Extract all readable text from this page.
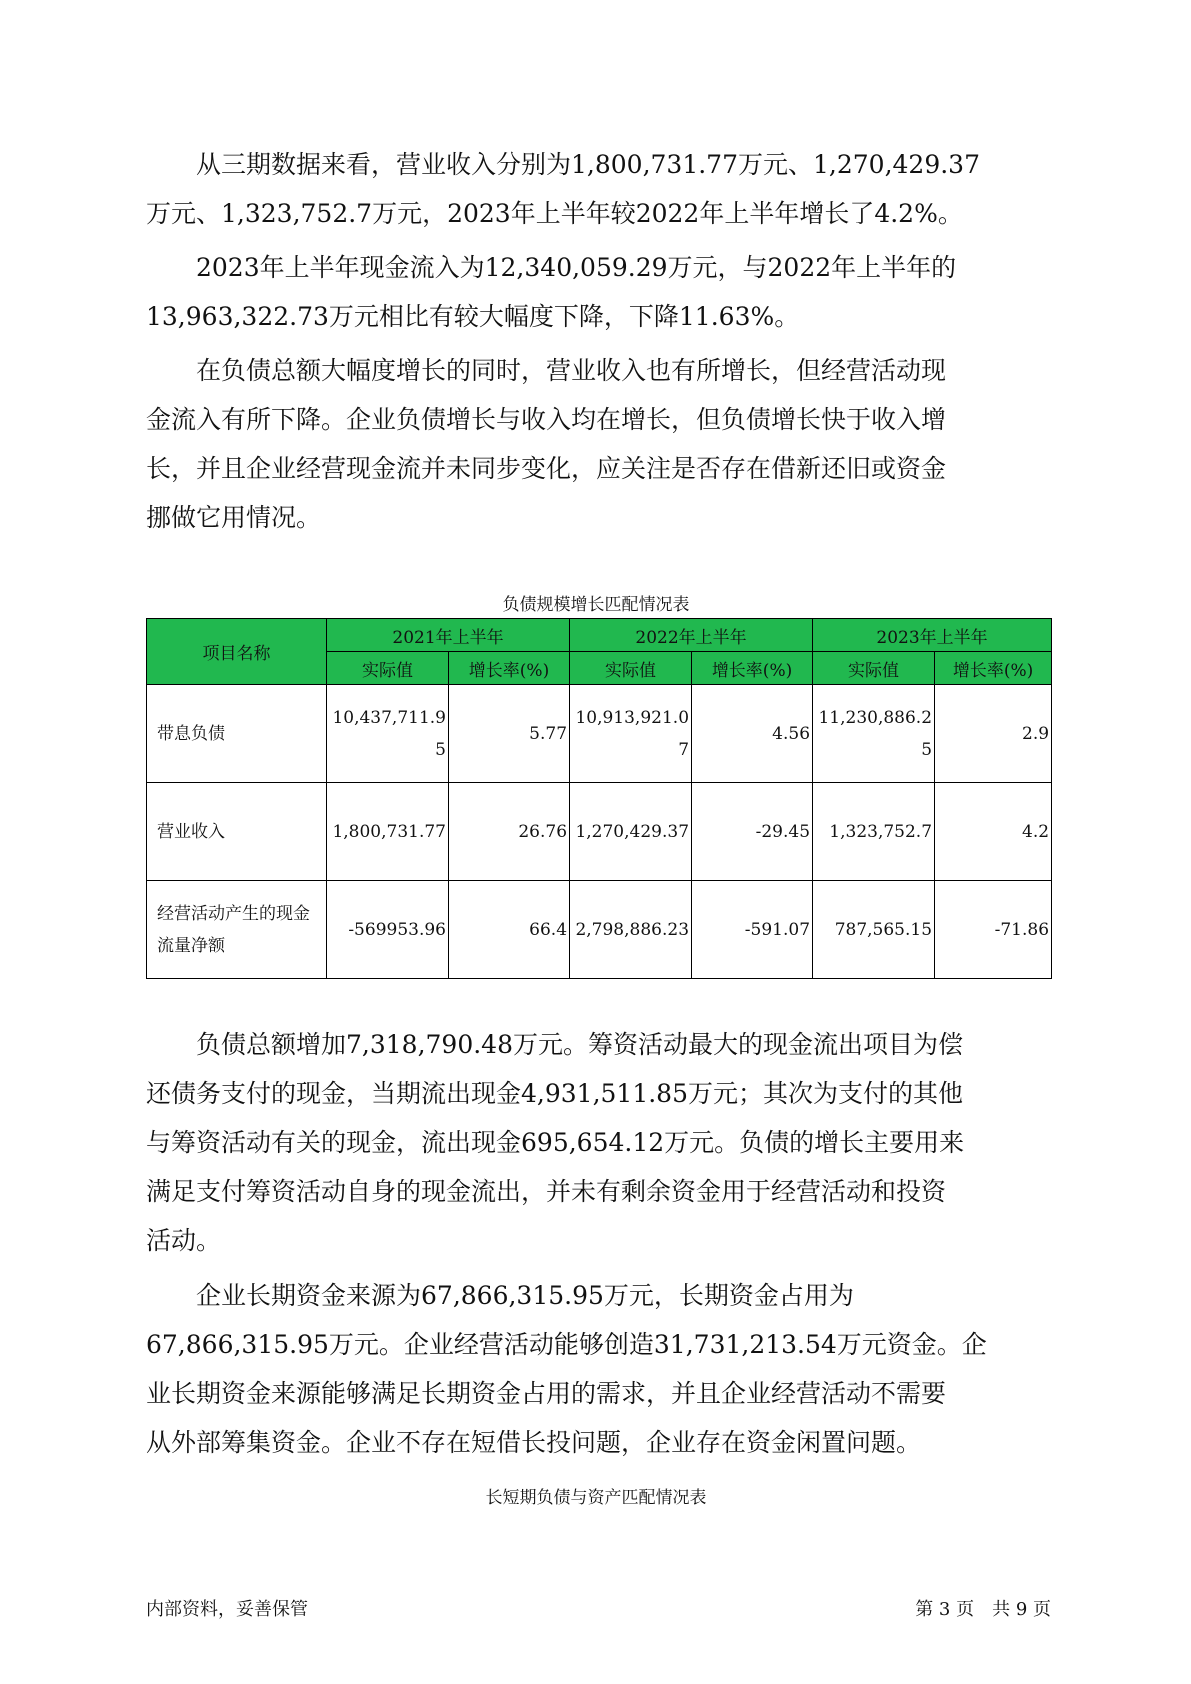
　　从三期数据来看，营业收入分别为1,800,731.77万元、1,270,429.37
万元、1,323,752.7万元，2023年上半年较2022年上半年增长了4.2%。

　　2023年上半年现金流入为12,340,059.29万元，与2022年上半年的
13,963,322.73万元相比有较大幅度下降，下降11.63%。

　　在负债总额大幅度增长的同时，营业收入也有所增长，但经营活动现
金流入有所下降。企业负债增长与收入均在增长，但负债增长快于收入增
长，并且企业经营现金流并未同步变化，应关注是否存在借新还旧或资金
挪做它用情况。

负债规模增长匹配情况表

项目名称	2021年上半年		2022年上半年		2023年上半年	
	实际值	增长率(%)	实际值	增长率(%)	实际值	增长率(%)
带息负债	10,437,711.95	5.77	10,913,921.07	4.56	11,230,886.25	2.9
营业收入	1,800,731.77	26.76	1,270,429.37	-29.45	1,323,752.7	4.2
经营活动产生的现金流量净额	-569953.96	66.4	2,798,886.23	-591.07	787,565.15	-71.86

　　负债总额增加7,318,790.48万元。筹资活动最大的现金流出项目为偿
还债务支付的现金，当期流出现金4,931,511.85万元；其次为支付的其他
与筹资活动有关的现金，流出现金695,654.12万元。负债的增长主要用来
满足支付筹资活动自身的现金流出，并未有剩余资金用于经营活动和投资
活动。

　　企业长期资金来源为67,866,315.95万元，长期资金占用为
67,866,315.95万元。企业经营活动能够创造31,731,213.54万元资金。企
业长期资金来源能够满足长期资金占用的需求，并且企业经营活动不需要
从外部筹集资金。企业不存在短借长投问题，企业存在资金闲置问题。

长短期负债与资产匹配情况表

内部资料，妥善保管	第 3 页　共 9 页
